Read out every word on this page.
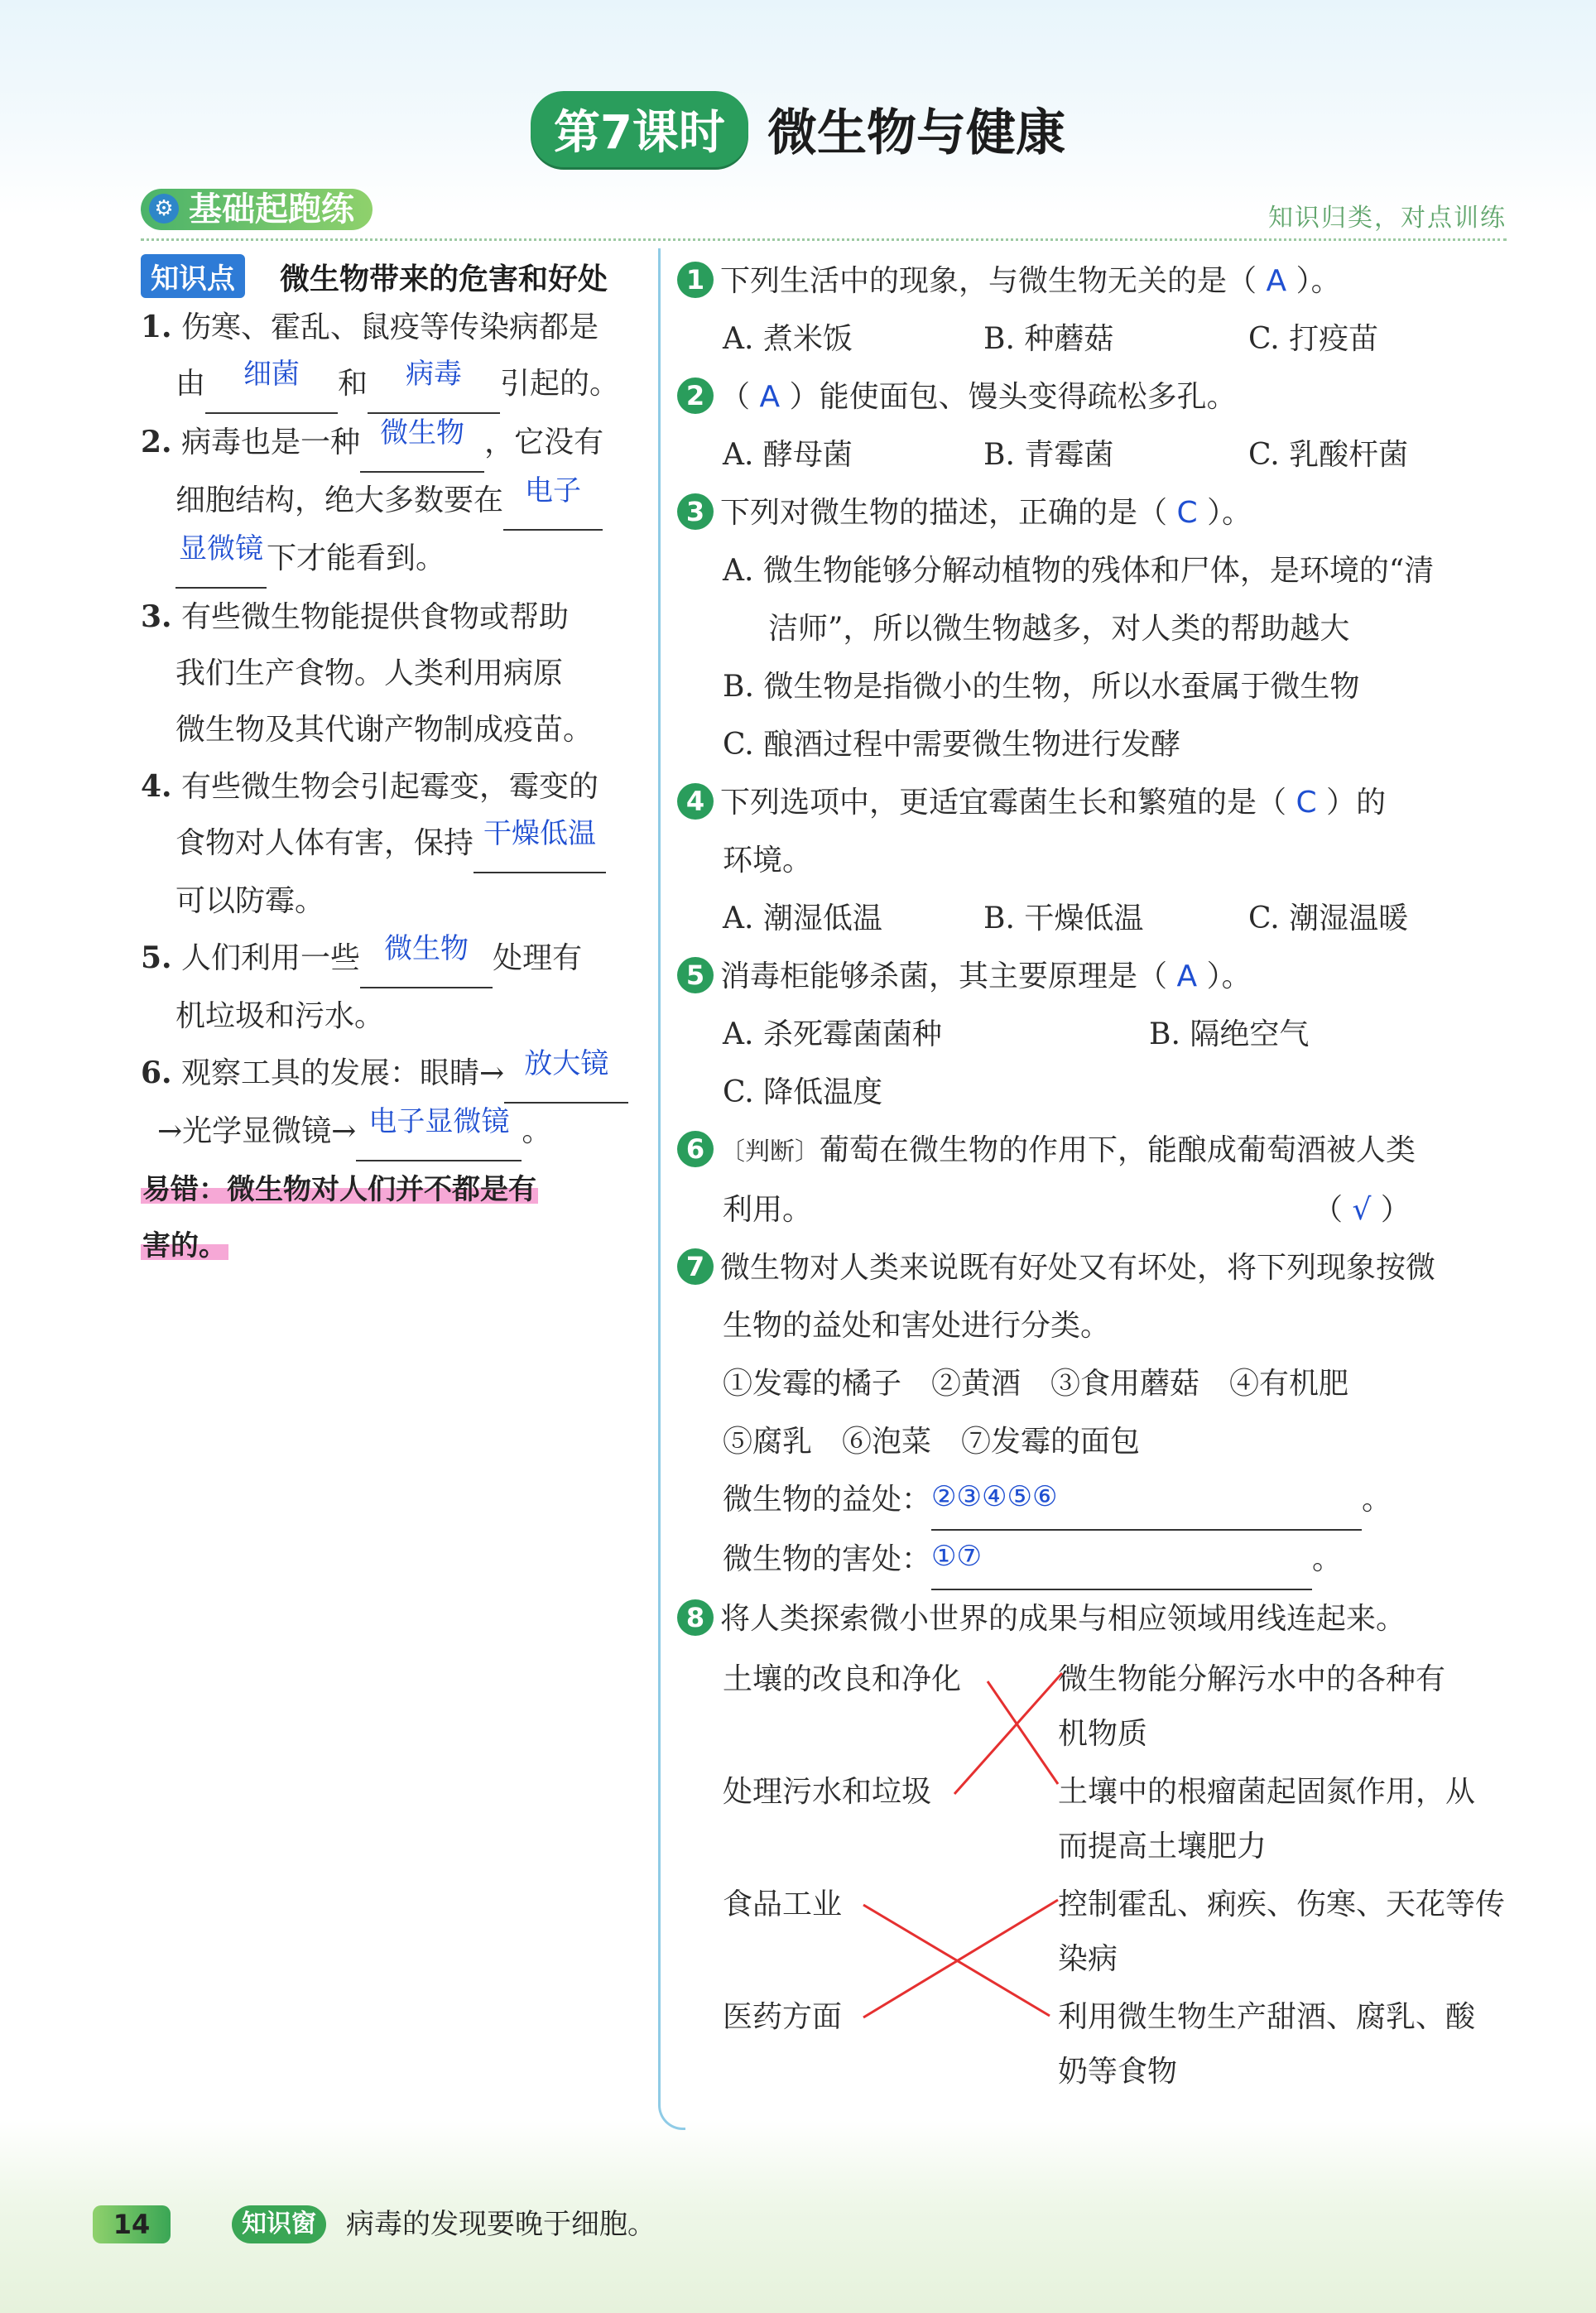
第7课时 微生物与健康
⚙ 基础起跑练	知识归类，对点训练
知识点	微生物带来的危害和好处

1. 伤寒、霍乱、鼠疫等传染病都是

由 细菌 和 病毒 引起的。

2. 病毒也是一种 微生物 ，它没有

细胞结构，绝大多数要在 电子

显微镜 下才能看到。

3. 有些微生物能提供食物或帮助

我们生产食物。人类利用病原

微生物及其代谢产物制成疫苗。

4. 有些微生物会引起霉变，霉变的

食物对人体有害，保持 干燥低温

可以防霉。

5. 人们利用一些 微生物 处理有

机垃圾和污水。

6. 观察工具的发展：眼睛→ 放大镜

→光学显微镜→ 电子显微镜 。

易错：微生物对人们并不都是有

害的。

1 下列生活中的现象，与微生物无关的是（ A ）。

A. 煮米饭	B. 种蘑菇	C. 打疫苗

2 （ A ）能使面包、馒头变得疏松多孔。

A. 酵母菌	B. 青霉菌	C. 乳酸杆菌

3 下列对微生物的描述，正确的是（ C ）。

A. 微生物能够分解动植物的残体和尸体，是环境的“清

洁师”，所以微生物越多，对人类的帮助越大

B. 微生物是指微小的生物，所以水蚕属于微生物

C. 酿酒过程中需要微生物进行发酵

4 下列选项中，更适宜霉菌生长和繁殖的是（ C ）的

环境。

A. 潮湿低温	B. 干燥低温	C. 潮湿温暖

5 消毒柜能够杀菌，其主要原理是（ A ）。

A. 杀死霉菌菌种	B. 隔绝空气

C. 降低温度

6 〔判断〕葡萄在微生物的作用下，能酿成葡萄酒被人类

利用。	（ √ ）

7 微生物对人类来说既有好处又有坏处，将下列现象按微

生物的益处和害处进行分类。

①发霉的橘子　②黄酒　③食用蘑菇　④有机肥

⑤腐乳　⑥泡菜　⑦发霉的面包

微生物的益处：②③④⑤⑥	。

微生物的害处：①⑦	。

8 将人类探索微小世界的成果与相应领域用线连起来。

土壤的改良和净化
处理污水和垃圾
食品工业
医药方面
微生物能分解污水中的各种有
机物质
土壤中的根瘤菌起固氮作用，从
而提高土壤肥力
控制霍乱、痢疾、伤寒、天花等传
染病
利用微生物生产甜酒、腐乳、酸
奶等食物
14	知识窗	病毒的发现要晚于细胞。
